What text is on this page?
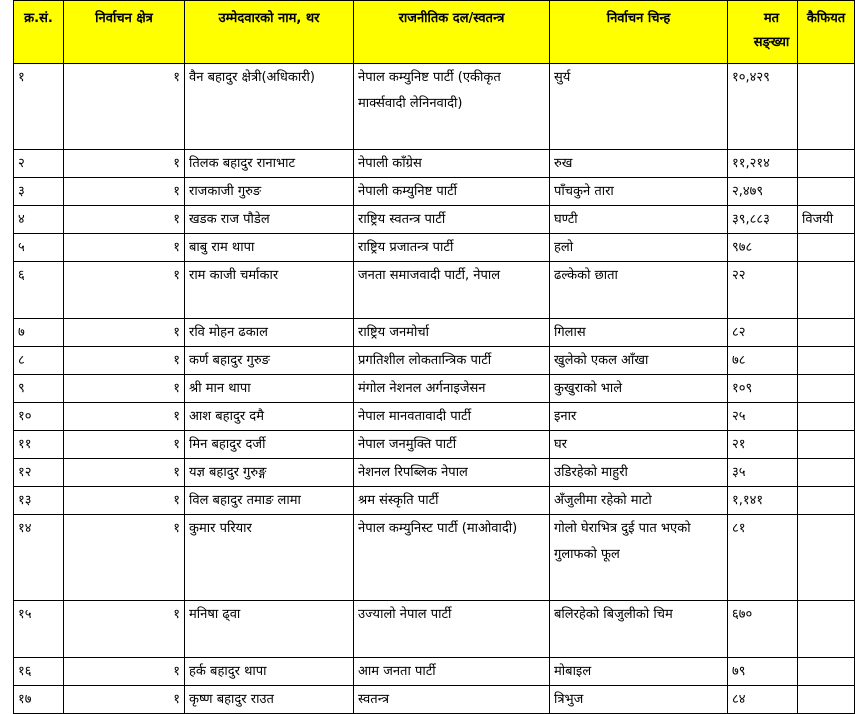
क्र.सं.	निर्वाचन क्षेत्र	उम्मेदवारको नाम, थर	राजनीतिक दल/स्वतन्त्र	निर्वाचन चिन्ह	मत सङ्ख्या	कैफियत
१	१	वैन बहादुर क्षेत्री(अधिकारी)	नेपाल कम्युनिष्ट पार्टी (एकीकृत मार्क्सवादी लेनिनवादी)	सुर्य	१०,४२९	
२	१	तिलक बहादुर रानाभाट	नेपाली काँग्रेस	रुख	११,२१४	
३	१	राजकाजी गुरुङ	नेपाली कम्युनिष्ट पार्टी	पाँचकुने तारा	२,४७९	
४	१	खडक राज पौडेल	राष्ट्रिय स्वतन्त्र पार्टी	घण्टी	३९,८८३	विजयी
५	१	बाबु राम थापा	राष्ट्रिय प्रजातन्त्र पार्टी	हलो	९७८	
६	१	राम काजी चर्माकार	जनता समाजवादी पार्टी, नेपाल	ढल्केको छाता	२२	
७	१	रवि मोहन ढकाल	राष्ट्रिय जनमोर्चा	गिलास	८२	
८	१	कर्ण बहादुर गुरुङ	प्रगतिशील लोकतान्त्रिक पार्टी	खुलेको एकल आँखा	७८	
९	१	श्री मान थापा	मंगोल नेशनल अर्गनाइजेसन	कुखुराको भाले	१०९	
१०	१	आश बहादुर दमै	नेपाल मानवतावादी पार्टी	इनार	२५	
११	१	मिन बहादुर दर्जी	नेपाल जनमुक्ति पार्टी	घर	२१	
१२	१	यज्ञ बहादुर गुरुङ्ग	नेशनल रिपब्लिक नेपाल	उडिरहेको माहुरी	३५	
१३	१	विल बहादुर तमाङ लामा	श्रम संस्कृति पार्टी	अँजुलीमा रहेको माटो	१,१४१	
१४	१	कुमार परियार	नेपाल कम्युनिस्ट पार्टी (माओवादी)	गोलो घेराभित्र दुई पात भएको गुलाफको फूल	८१	
१५	१	मनिषा ढ्वा	उज्यालो नेपाल पार्टी	बलिरहेको बिजुलीको चिम	६७०	
१६	१	हर्क बहादुर थापा	आम जनता पार्टी	मोबाइल	७९	
१७	१	कृष्ण बहादुर राउत	स्वतन्त्र	त्रिभुज	८४	
